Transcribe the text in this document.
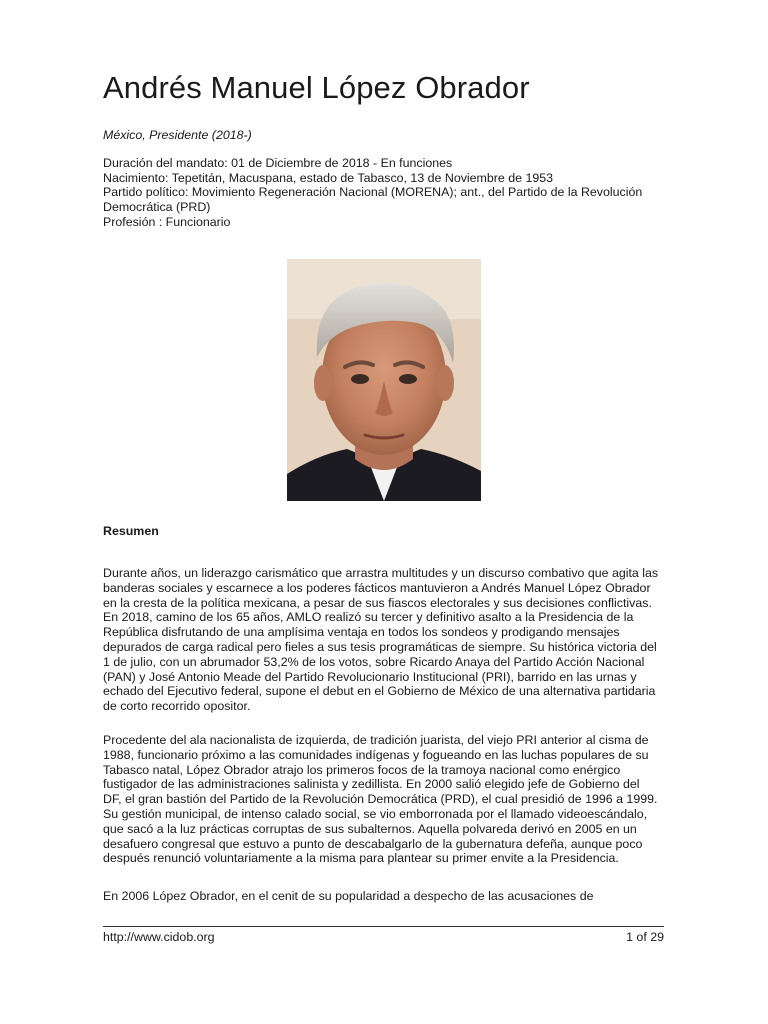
Andrés Manuel López Obrador
México, Presidente (2018-)
Duración del mandato: 01 de Diciembre de 2018 - En funciones
Nacimiento: Tepetitán, Macuspana, estado de Tabasco, 13 de Noviembre de 1953
Partido político: Movimiento Regeneración Nacional (MORENA); ant., del Partido de la Revolución Democrática (PRD)
Profesión : Funcionario
Resumen

Durante años, un liderazgo carismático que arrastra multitudes y un discurso combativo que agita las banderas sociales y escarnece a los poderes fácticos mantuvieron a Andrés Manuel López Obrador en la cresta de la política mexicana, a pesar de sus fiascos electorales y sus decisiones conflictivas. En 2018, camino de los 65 años, AMLO realizó su tercer y definitivo asalto a la Presidencia de la República disfrutando de una amplísima ventaja en todos los sondeos y prodigando mensajes depurados de carga radical pero fieles a sus tesis programáticas de siempre. Su histórica victoria del 1 de julio, con un abrumador 53,2% de los votos, sobre Ricardo Anaya del Partido Acción Nacional (PAN) y José Antonio Meade del Partido Revolucionario Institucional (PRI), barrido en las urnas y echado del Ejecutivo federal, supone el debut en el Gobierno de México de una alternativa partidaria de corto recorrido opositor.

Procedente del ala nacionalista de izquierda, de tradición juarista, del viejo PRI anterior al cisma de 1988, funcionario próximo a las comunidades indígenas y fogueando en las luchas populares de su Tabasco natal, López Obrador atrajo los primeros focos de la tramoya nacional como enérgico fustigador de las administraciones salinista y zedillista. En 2000 salió elegido jefe de Gobierno del DF, el gran bastión del Partido de la Revolución Democrática (PRD), el cual presidió de 1996 a 1999. Su gestión municipal, de intenso calado social, se vio emborronada por el llamado videoescándalo, que sacó a la luz prácticas corruptas de sus subalternos. Aquella polvareda derivó en 2005 en un desafuero congresal que estuvo a punto de descabalgarlo de la gubernatura defeña, aunque poco después renunció voluntariamente a la misma para plantear su primer envite a la Presidencia.

En 2006 López Obrador, en el cenit de su popularidad a despecho de las acusaciones de

http://www.cidob.org	1 of 29
